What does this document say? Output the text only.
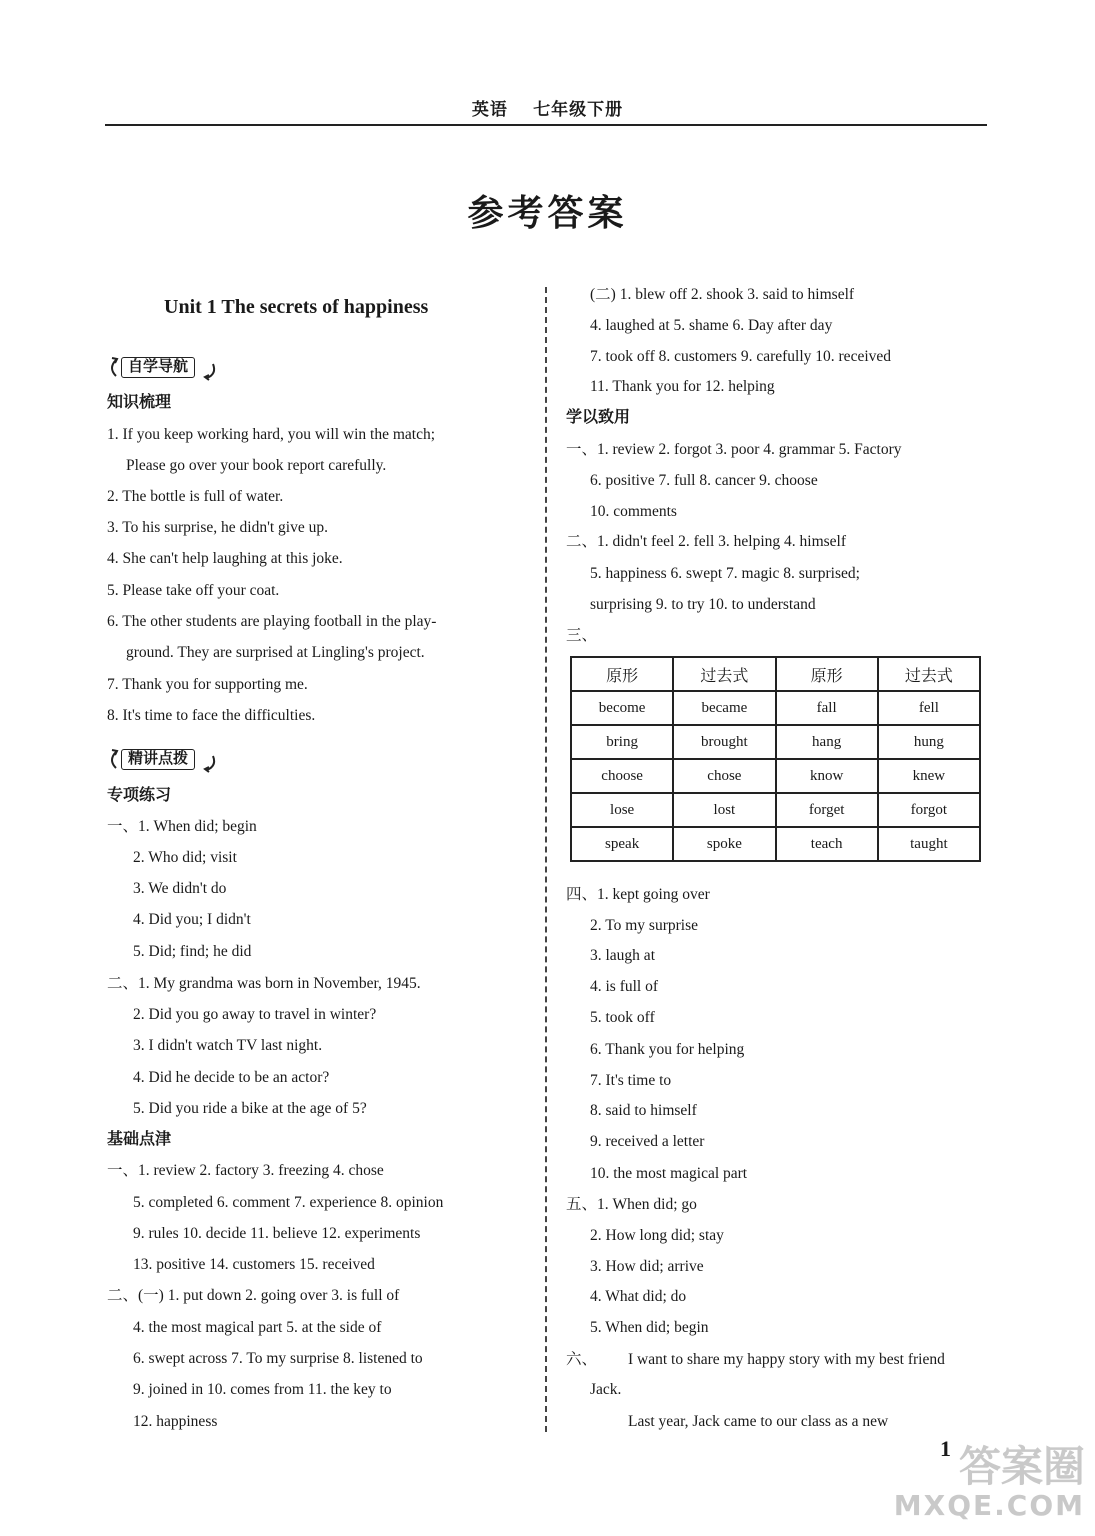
英语 七年级下册
参考答案
Unit 1 The secrets of happiness
自学导航
知识梳理
1. If you keep working hard, you will win the match;
Please go over your book report carefully.
2. The bottle is full of water.
3. To his surprise, he didn't give up.
4. She can't help laughing at this joke.
5. Please take off your coat.
6. The other students are playing football in the play-
ground. They are surprised at Lingling's project.
7. Thank you for supporting me.
8. It's time to face the difficulties.
精讲点拨
专项练习
一、1. When did; begin
2. Who did; visit
3. We didn't do
4. Did you; I didn't
5. Did; find; he did
二、1. My grandma was born in November, 1945.
2. Did you go away to travel in winter?
3. I didn't watch TV last night.
4. Did he decide to be an actor?
5. Did you ride a bike at the age of 5?
基础点津
一、1. review 2. factory 3. freezing 4. chose
5. completed 6. comment 7. experience 8. opinion
9. rules 10. decide 11. believe 12. experiments
13. positive 14. customers 15. received
二、(一) 1. put down 2. going over 3. is full of
4. the most magical part 5. at the side of
6. swept across 7. To my surprise 8. listened to
9. joined in 10. comes from 11. the key to
12. happiness
(二) 1. blew off 2. shook 3. said to himself
4. laughed at 5. shame 6. Day after day
7. took off 8. customers 9. carefully 10. received
11. Thank you for 12. helping
学以致用
一、1. review 2. forgot 3. poor 4. grammar 5. Factory
6. positive 7. full 8. cancer 9. choose
10. comments
二、1. didn't feel 2. fell 3. helping 4. himself
5. happiness 6. swept 7. magic 8. surprised;
surprising 9. to try 10. to understand
三、
原形	过去式	原形	过去式
become	became	fall	fell
bring	brought	hang	hung
choose	chose	know	knew
lose	lost	forget	forgot
speak	spoke	teach	taught
四、1. kept going over
2. To my surprise
3. laugh at
4. is full of
5. took off
6. Thank you for helping
7. It's time to
8. said to himself
9. received a letter
10. the most magical part
五、1. When did; go
2. How long did; stay
3. How did; arrive
4. What did; do
5. When did; begin
六、 I want to share my happy story with my best friend
Jack.
Last year, Jack came to our class as a new
1 答案圈
MXQE.COM
